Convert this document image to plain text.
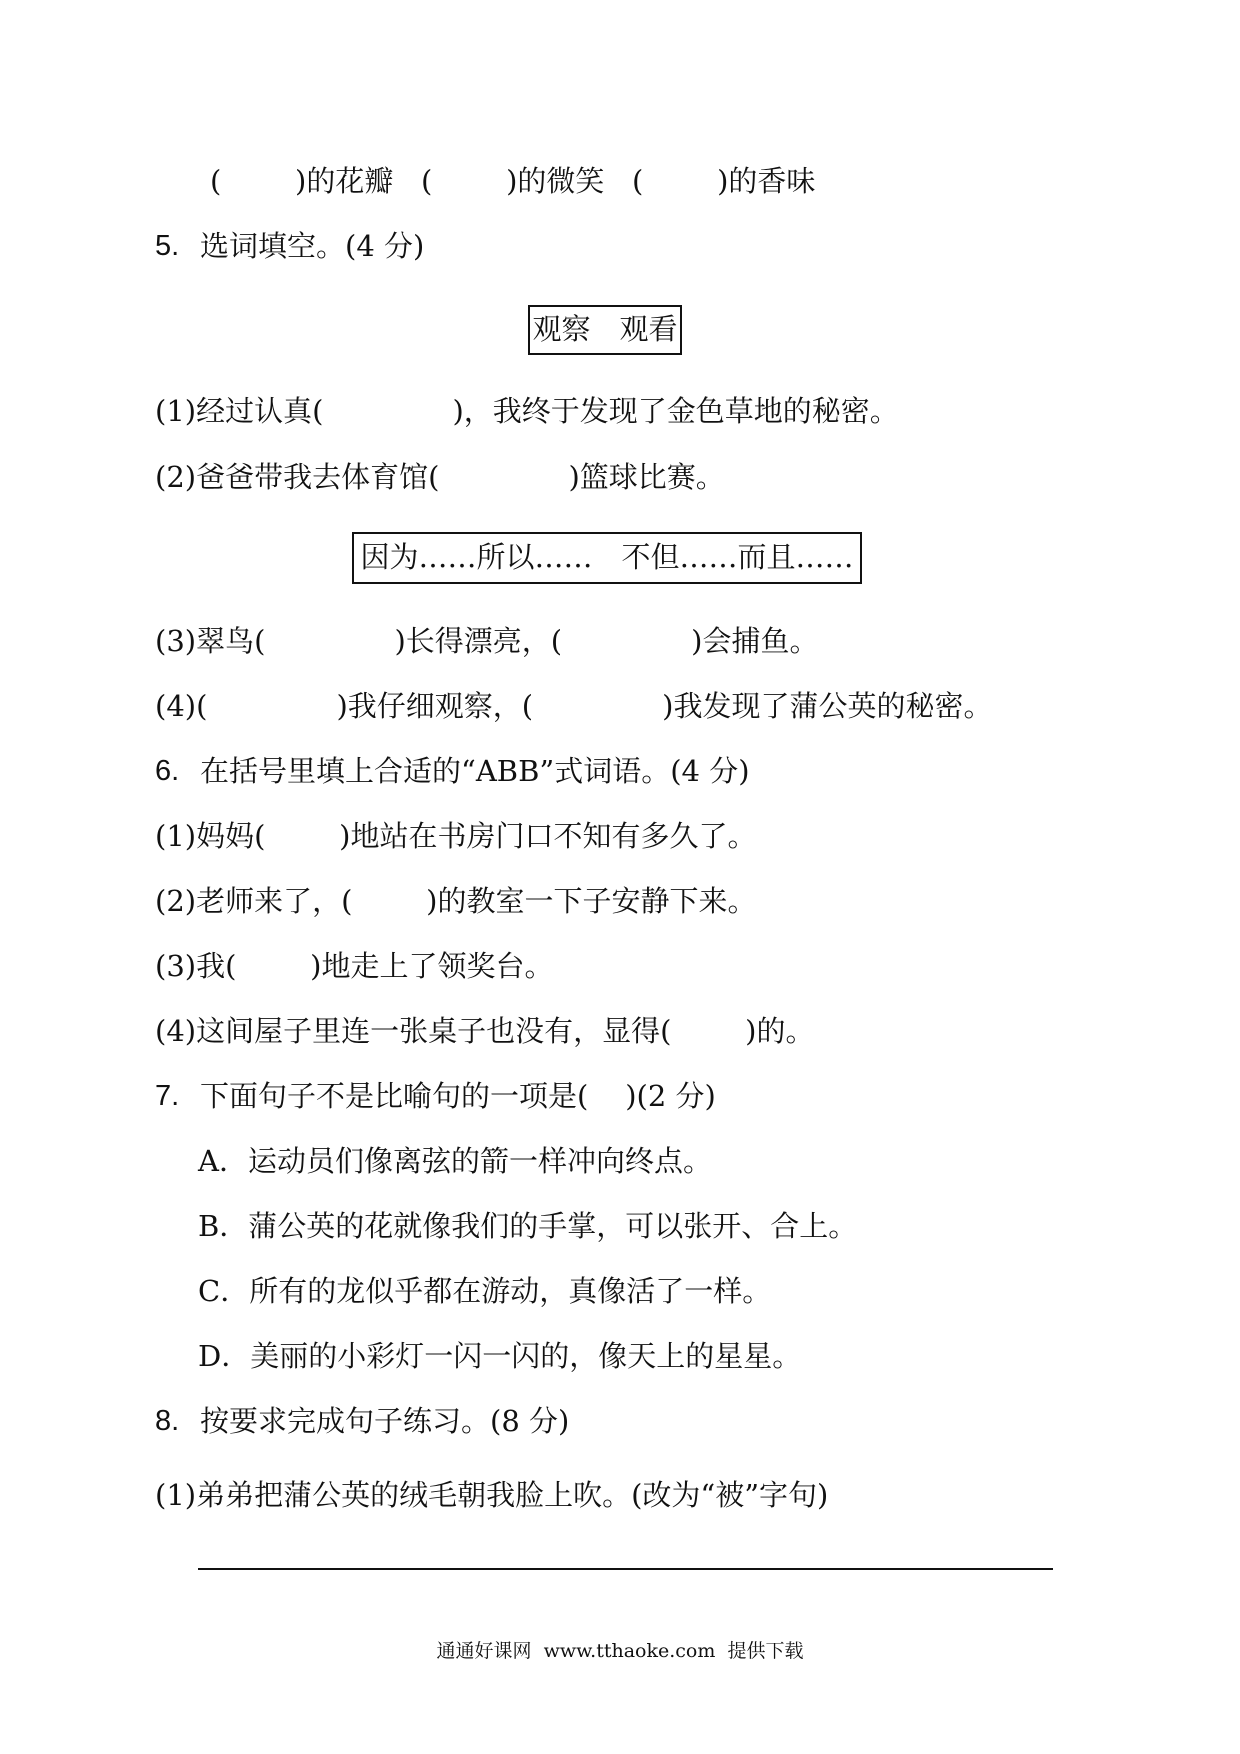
(        )的花瓣   (        )的微笑   (        )的香味
5. 选词填空。(4 分)
观察　观看
(1)经过认真(              )，我终于发现了金色草地的秘密。
(2)爸爸带我去体育馆(              )篮球比赛。
因为……所以……　不但……而且……
(3)翠鸟(              )长得漂亮，(              )会捕鱼。
(4)(              )我仔细观察，(              )我发现了蒲公英的秘密。
6. 在括号里填上合适的“ABB”式词语。(4 分)
(1)妈妈(        )地站在书房门口不知有多久了。
(2)老师来了，(        )的教室一下子安静下来。
(3)我(        )地走上了领奖台。
(4)这间屋子里连一张桌子也没有，显得(        )的。
7. 下面句子不是比喻句的一项是(    )(2 分)
A．运动员们像离弦的箭一样冲向终点。
B．蒲公英的花就像我们的手掌，可以张开、合上。
C．所有的龙似乎都在游动，真像活了一样。
D．美丽的小彩灯一闪一闪的，像天上的星星。
8. 按要求完成句子练习。(8 分)
(1)弟弟把蒲公英的绒毛朝我脸上吹。(改为“被”字句)
通通好课网  www.tthaoke.com  提供下载
